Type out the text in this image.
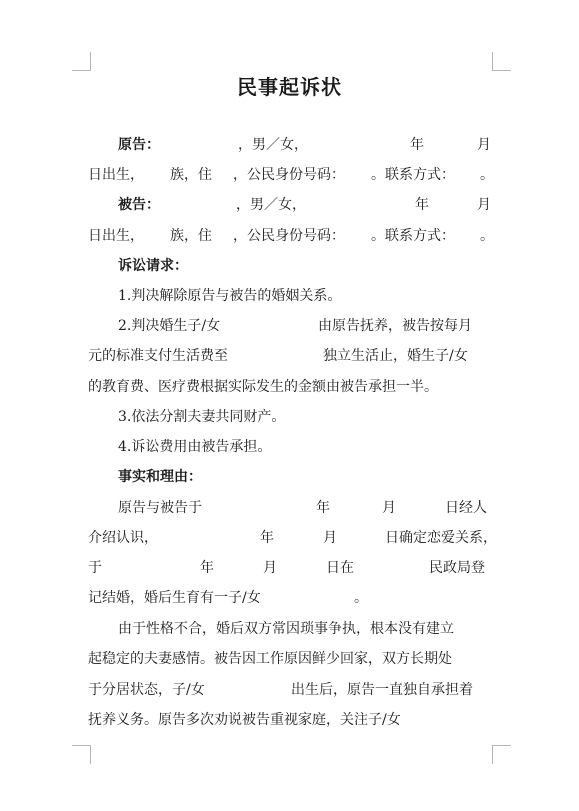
民事起诉状
原告：	，男／女，	年	月
日出生， 族，住 ，公民身份号码： 。联系方式： 。
被告：	，男／女，	年	月
日出生， 族，住 ，公民身份号码： 。联系方式： 。
诉讼请求：
1.判决解除原告与被告的婚姻关系。
2.判决婚生子/女	由原告抚养，被告按每月
元的标准支付生活费至	独立生活止，婚生子/女
的教育费、医疗费根据实际发生的金额由被告承担一半。
3.依法分割夫妻共同财产。
4.诉讼费用由被告承担。
事实和理由：
原告与被告于	年	月	日经人
介绍认识，	年	月	日确定恋爱关系，
于	年	月	日在	民政局登
记结婚，婚后生育有一子/女	。
由于性格不合，婚后双方常因琐事争执，根本没有建立
起稳定的夫妻感情。被告因工作原因鲜少回家，双方长期处
于分居状态，子/女	出生后，原告一直独自承担着
抚养义务。原告多次劝说被告重视家庭，关注子/女
